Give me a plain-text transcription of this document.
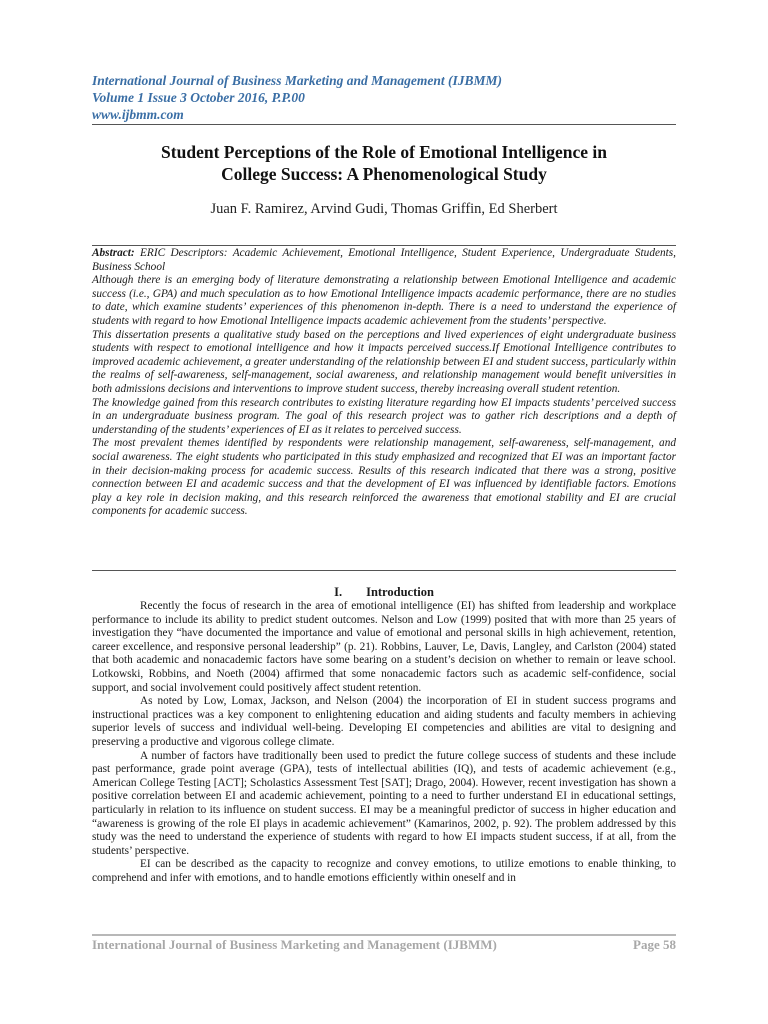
International Journal of Business Marketing and Management (IJBMM)
Volume 1 Issue 3 October 2016, P.P.00
www.ijbmm.com
Student Perceptions of the Role of Emotional Intelligence in
College Success: A Phenomenological Study
Juan F. Ramirez, Arvind Gudi, Thomas Griffin, Ed Sherbert

Abstract: ERIC Descriptors: Academic Achievement, Emotional Intelligence, Student Experience, Undergraduate Students, Business School

Although there is an emerging body of literature demonstrating a relationship between Emotional Intelligence and academic success (i.e., GPA) and much speculation as to how Emotional Intelligence impacts academic performance, there are no studies to date, which examine students’ experiences of this phenomenon in-depth. There is a need to understand the experience of students with regard to how Emotional Intelligence impacts academic achievement from the students’ perspective.

This dissertation presents a qualitative study based on the perceptions and lived experiences of eight undergraduate business students with respect to emotional intelligence and how it impacts perceived success.If Emotional Intelligence contributes to improved academic achievement, a greater understanding of the relationship between EI and student success, particularly within the realms of self-awareness, self-management, social awareness, and relationship management would benefit universities in both admissions decisions and interventions to improve student success, thereby increasing overall student retention.

The knowledge gained from this research contributes to existing literature regarding how EI impacts students’ perceived success in an undergraduate business program. The goal of this research project was to gather rich descriptions and a depth of understanding of the students’ experiences of EI as it relates to perceived success.

The most prevalent themes identified by respondents were relationship management, self-awareness, self-management, and social awareness. The eight students who participated in this study emphasized and recognized that EI was an important factor in their decision-making process for academic success. Results of this research indicated that there was a strong, positive connection between EI and academic success and that the development of EI was influenced by identifiable factors. Emotions play a key role in decision making, and this research reinforced the awareness that emotional stability and EI are crucial components for academic success.

I. Introduction

Recently the focus of research in the area of emotional intelligence (EI) has shifted from leadership and workplace performance to include its ability to predict student outcomes. Nelson and Low (1999) posited that with more than 25 years of investigation they “have documented the importance and value of emotional and personal skills in high achievement, retention, career excellence, and responsive personal leadership” (p. 21). Robbins, Lauver, Le, Davis, Langley, and Carlston (2004) stated that both academic and nonacademic factors have some bearing on a student’s decision on whether to remain or leave school. Lotkowski, Robbins, and Noeth (2004) affirmed that some nonacademic factors such as academic self-confidence, social support, and social involvement could positively affect student retention.

As noted by Low, Lomax, Jackson, and Nelson (2004) the incorporation of EI in student success programs and instructional practices was a key component to enlightening education and aiding students and faculty members in achieving superior levels of success and individual well-being. Developing EI competencies and abilities are vital to designing and preserving a productive and vigorous college climate.

A number of factors have traditionally been used to predict the future college success of students and these include past performance, grade point average (GPA), tests of intellectual abilities (IQ), and tests of academic achievement (e.g., American College Testing [ACT]; Scholastics Assessment Test [SAT]; Drago, 2004). However, recent investigation has shown a positive correlation between EI and academic achievement, pointing to a need to further understand EI in educational settings, particularly in relation to its influence on student success. EI may be a meaningful predictor of success in higher education and “awareness is growing of the role EI plays in academic achievement” (Kamarinos, 2002, p. 92). The problem addressed by this study was the need to understand the experience of students with regard to how EI impacts student success, if at all, from the students’ perspective.

EI can be described as the capacity to recognize and convey emotions, to utilize emotions to enable thinking, to comprehend and infer with emotions, and to handle emotions efficiently within oneself and in

International Journal of Business Marketing and Management (IJBMM)	Page 58
